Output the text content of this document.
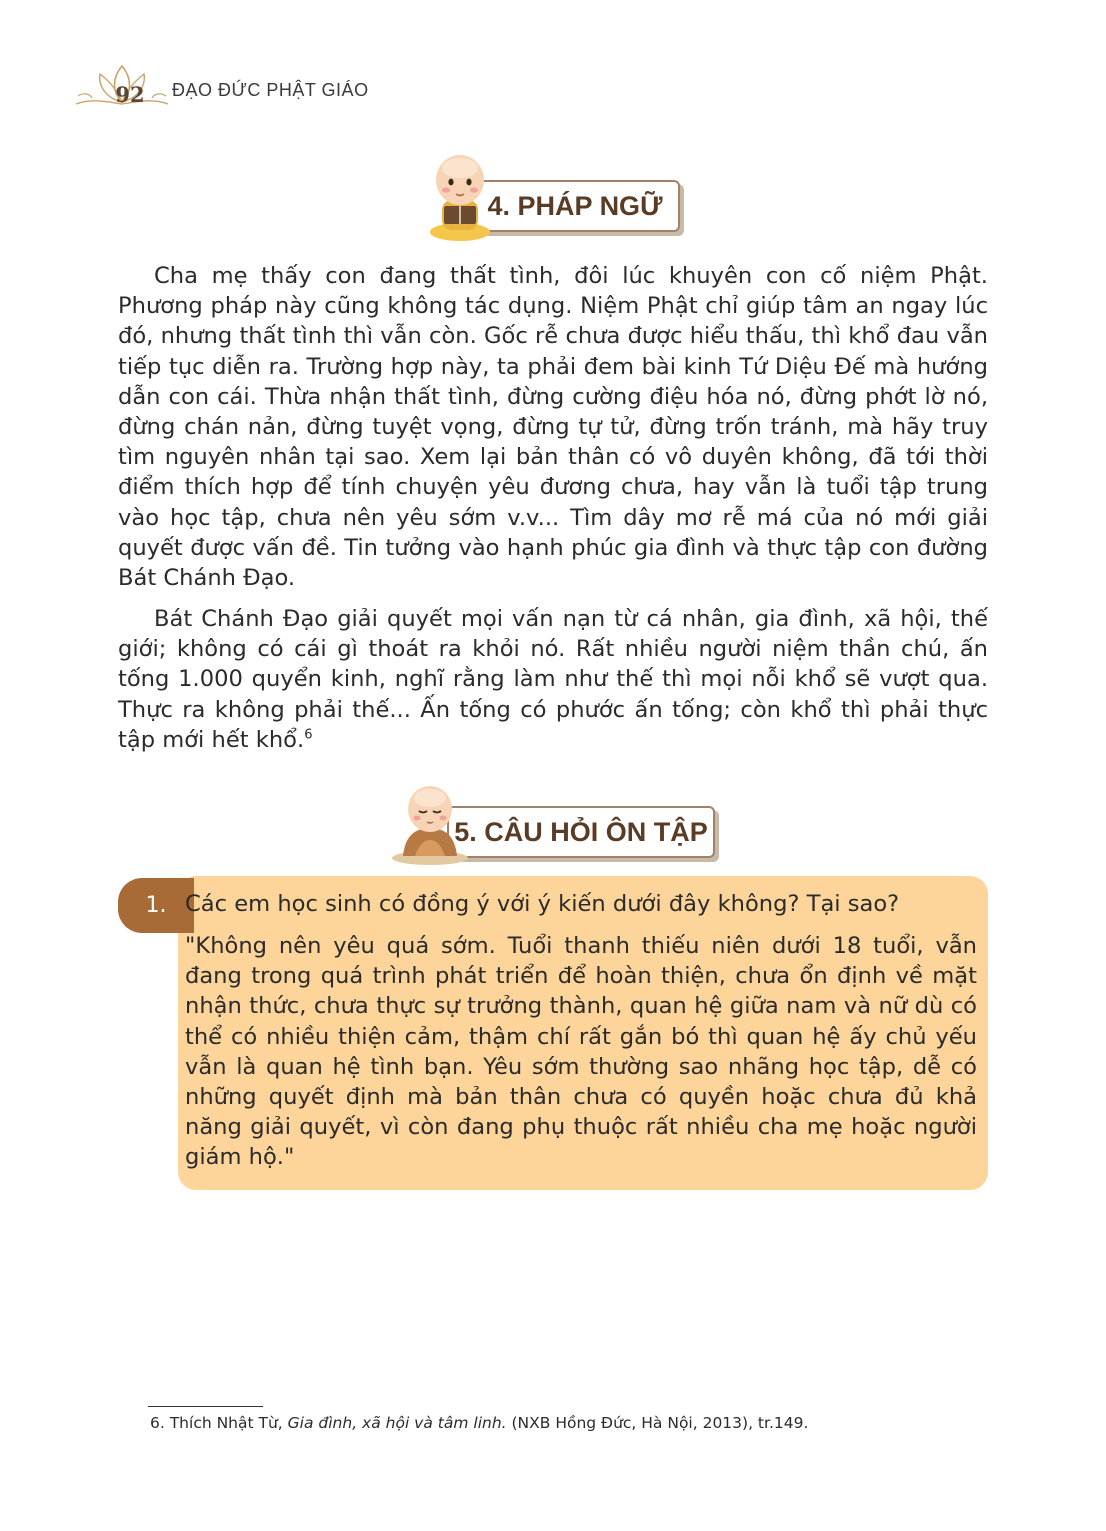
92 ĐẠO ĐỨC PHẬT GIÁO
4. PHÁP NGỮ

Cha mẹ thấy con đang thất tình, đôi lúc khuyên con cố niệm Phật. Phương pháp này cũng không tác dụng. Niệm Phật chỉ giúp tâm an ngay lúc đó, nhưng thất tình thì vẫn còn. Gốc rễ chưa được hiểu thấu, thì khổ đau vẫn tiếp tục diễn ra. Trường hợp này, ta phải đem bài kinh Tứ Diệu Đế mà hướng dẫn con cái. Thừa nhận thất tình, đừng cường điệu hóa nó, đừng phớt lờ nó, đừng chán nản, đừng tuyệt vọng, đừng tự tử, đừng trốn tránh, mà hãy truy tìm nguyên nhân tại sao. Xem lại bản thân có vô duyên không, đã tới thời điểm thích hợp để tính chuyện yêu đương chưa, hay vẫn là tuổi tập trung vào học tập, chưa nên yêu sớm v.v... Tìm dây mơ rễ má của nó mới giải quyết được vấn đề. Tin tưởng vào hạnh phúc gia đình và thực tập con đường Bát Chánh Đạo.

Bát Chánh Đạo giải quyết mọi vấn nạn từ cá nhân, gia đình, xã hội, thế giới; không có cái gì thoát ra khỏi nó. Rất nhiều người niệm thần chú, ấn tống 1.000 quyển kinh, nghĩ rằng làm như thế thì mọi nỗi khổ sẽ vượt qua. Thực ra không phải thế... Ấn tống có phước ấn tống; còn khổ thì phải thực tập mới hết khổ.$^6$

5. CÂU HỎI ÔN TẬP
1. Các em học sinh có đồng ý với ý kiến dưới đây không? Tại sao?

"Không nên yêu quá sớm. Tuổi thanh thiếu niên dưới 18 tuổi, vẫn đang trong quá trình phát triển để hoàn thiện, chưa ổn định về mặt nhận thức, chưa thực sự trưởng thành, quan hệ giữa nam và nữ dù có thể có nhiều thiện cảm, thậm chí rất gắn bó thì quan hệ ấy chủ yếu vẫn là quan hệ tình bạn. Yêu sớm thường sao nhãng học tập, dễ có những quyết định mà bản thân chưa có quyền hoặc chưa đủ khả năng giải quyết, vì còn đang phụ thuộc rất nhiều cha mẹ hoặc người giám hộ."

6. Thích Nhật Từ, Gia đình, xã hội và tâm linh. (NXB Hồng Đức, Hà Nội, 2013), tr.149.
